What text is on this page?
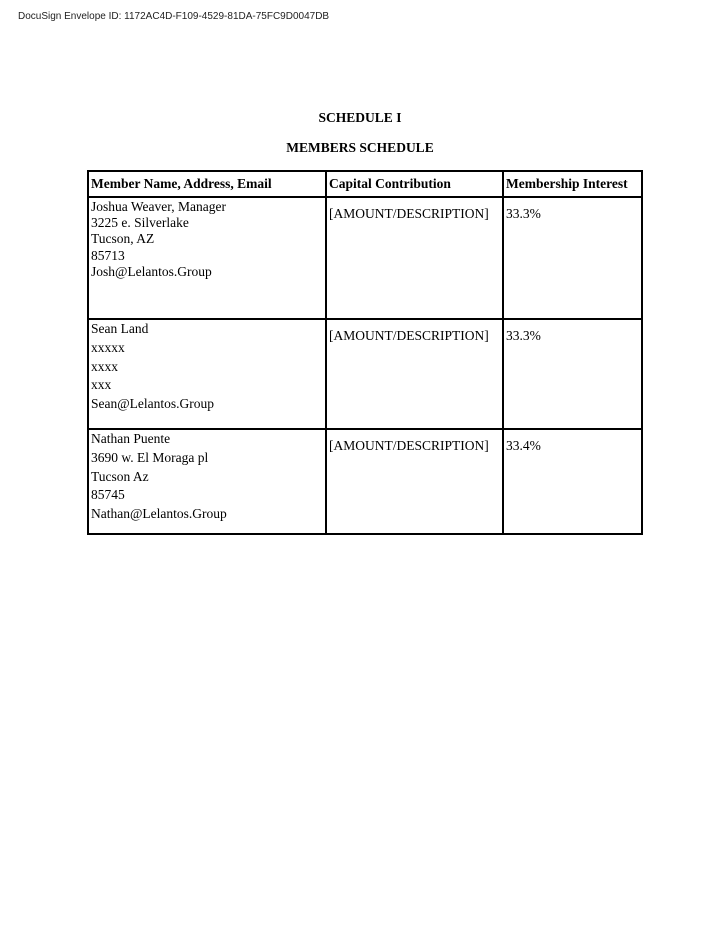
DocuSign Envelope ID: 1172AC4D-F109-4529-81DA-75FC9D0047DB
SCHEDULE I
MEMBERS SCHEDULE
Member Name, Address, Email	Capital Contribution	Membership Interest

Joshua Weaver, Manager
3225 e. Silverlake
Tucson, AZ
85713
Josh@Lelantos.Group	[AMOUNT/DESCRIPTION]	33.3%

Sean Land
xxxxx
xxxx
xxx
Sean@Lelantos.Group	[AMOUNT/DESCRIPTION]	33.3%

Nathan Puente
3690 w. El Moraga pl
Tucson Az
85745
Nathan@Lelantos.Group	[AMOUNT/DESCRIPTION]	33.4%
